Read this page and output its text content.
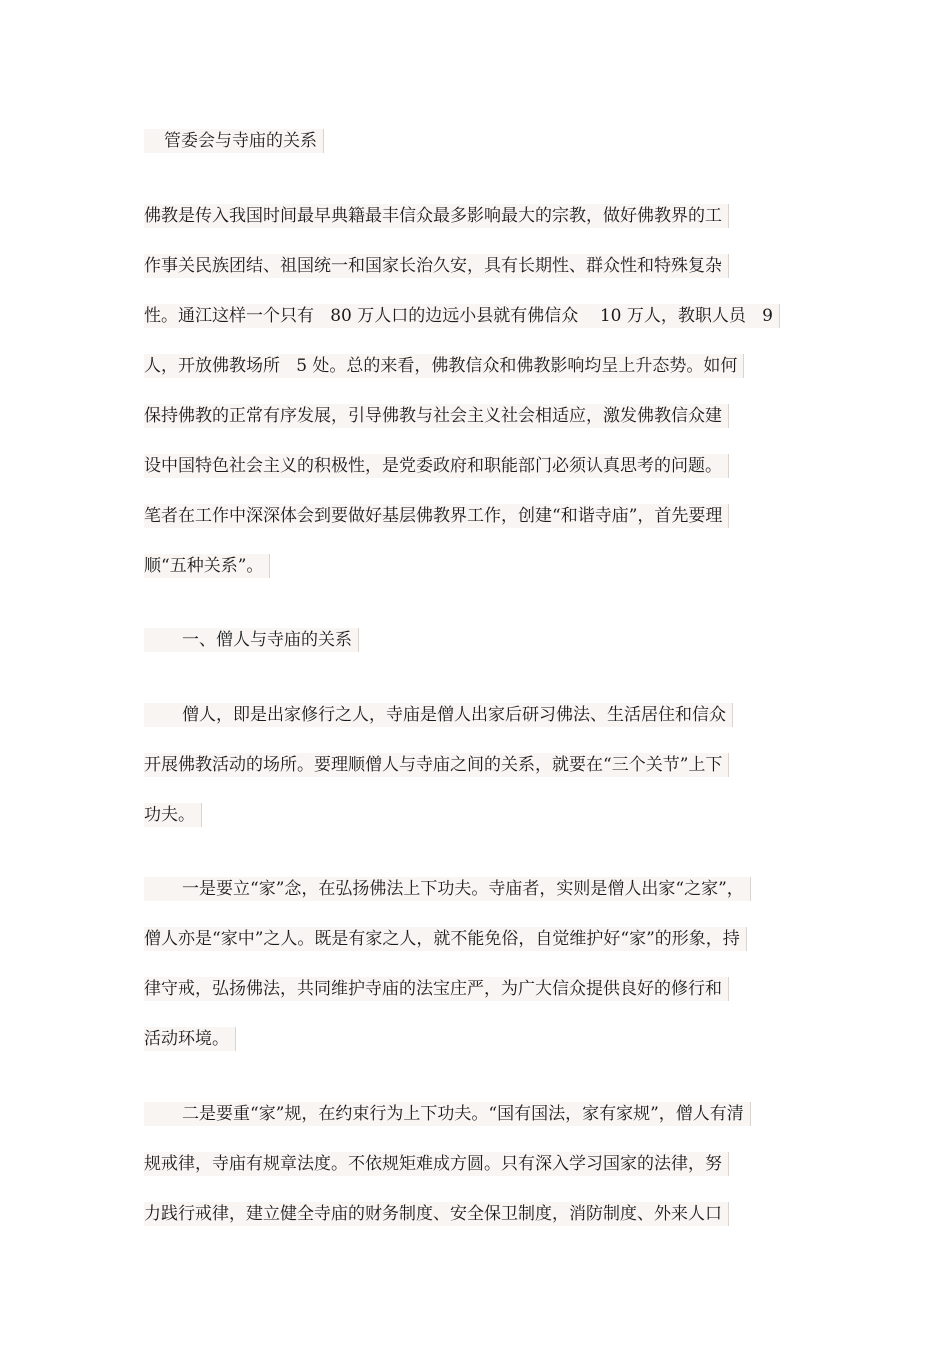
管委会与寺庙的关系
佛教是传入我国时间最早典籍最丰信众最多影响最大的宗教，做好佛教界的工
作事关民族团结、祖国统一和国家长治久安，具有长期性、群众性和特殊复杂
性。通江这样一个只有   80 万人口的边远小县就有佛信众    10 万人，教职人员   9
人，开放佛教场所   5 处。总的来看，佛教信众和佛教影响均呈上升态势。如何
保持佛教的正常有序发展，引导佛教与社会主义社会相适应，激发佛教信众建
设中国特色社会主义的积极性，是党委政府和职能部门必须认真思考的问题。
笔者在工作中深深体会到要做好基层佛教界工作，创建“和谐寺庙”，首先要理
顺“五种关系”。
一、僧人与寺庙的关系
僧人，即是出家修行之人，寺庙是僧人出家后研习佛法、生活居住和信众
开展佛教活动的场所。要理顺僧人与寺庙之间的关系，就要在“三个关节”上下
功夫。
一是要立“家”念，在弘扬佛法上下功夫。寺庙者，实则是僧人出家“之家”，
僧人亦是“家中”之人。既是有家之人，就不能免俗，自觉维护好“家”的形象，持
律守戒，弘扬佛法，共同维护寺庙的法宝庄严，为广大信众提供良好的修行和
活动环境。
二是要重“家”规，在约束行为上下功夫。“国有国法，家有家规”，僧人有清
规戒律，寺庙有规章法度。不依规矩难成方圆。只有深入学习国家的法律，努
力践行戒律，建立健全寺庙的财务制度、安全保卫制度，消防制度、外来人口
